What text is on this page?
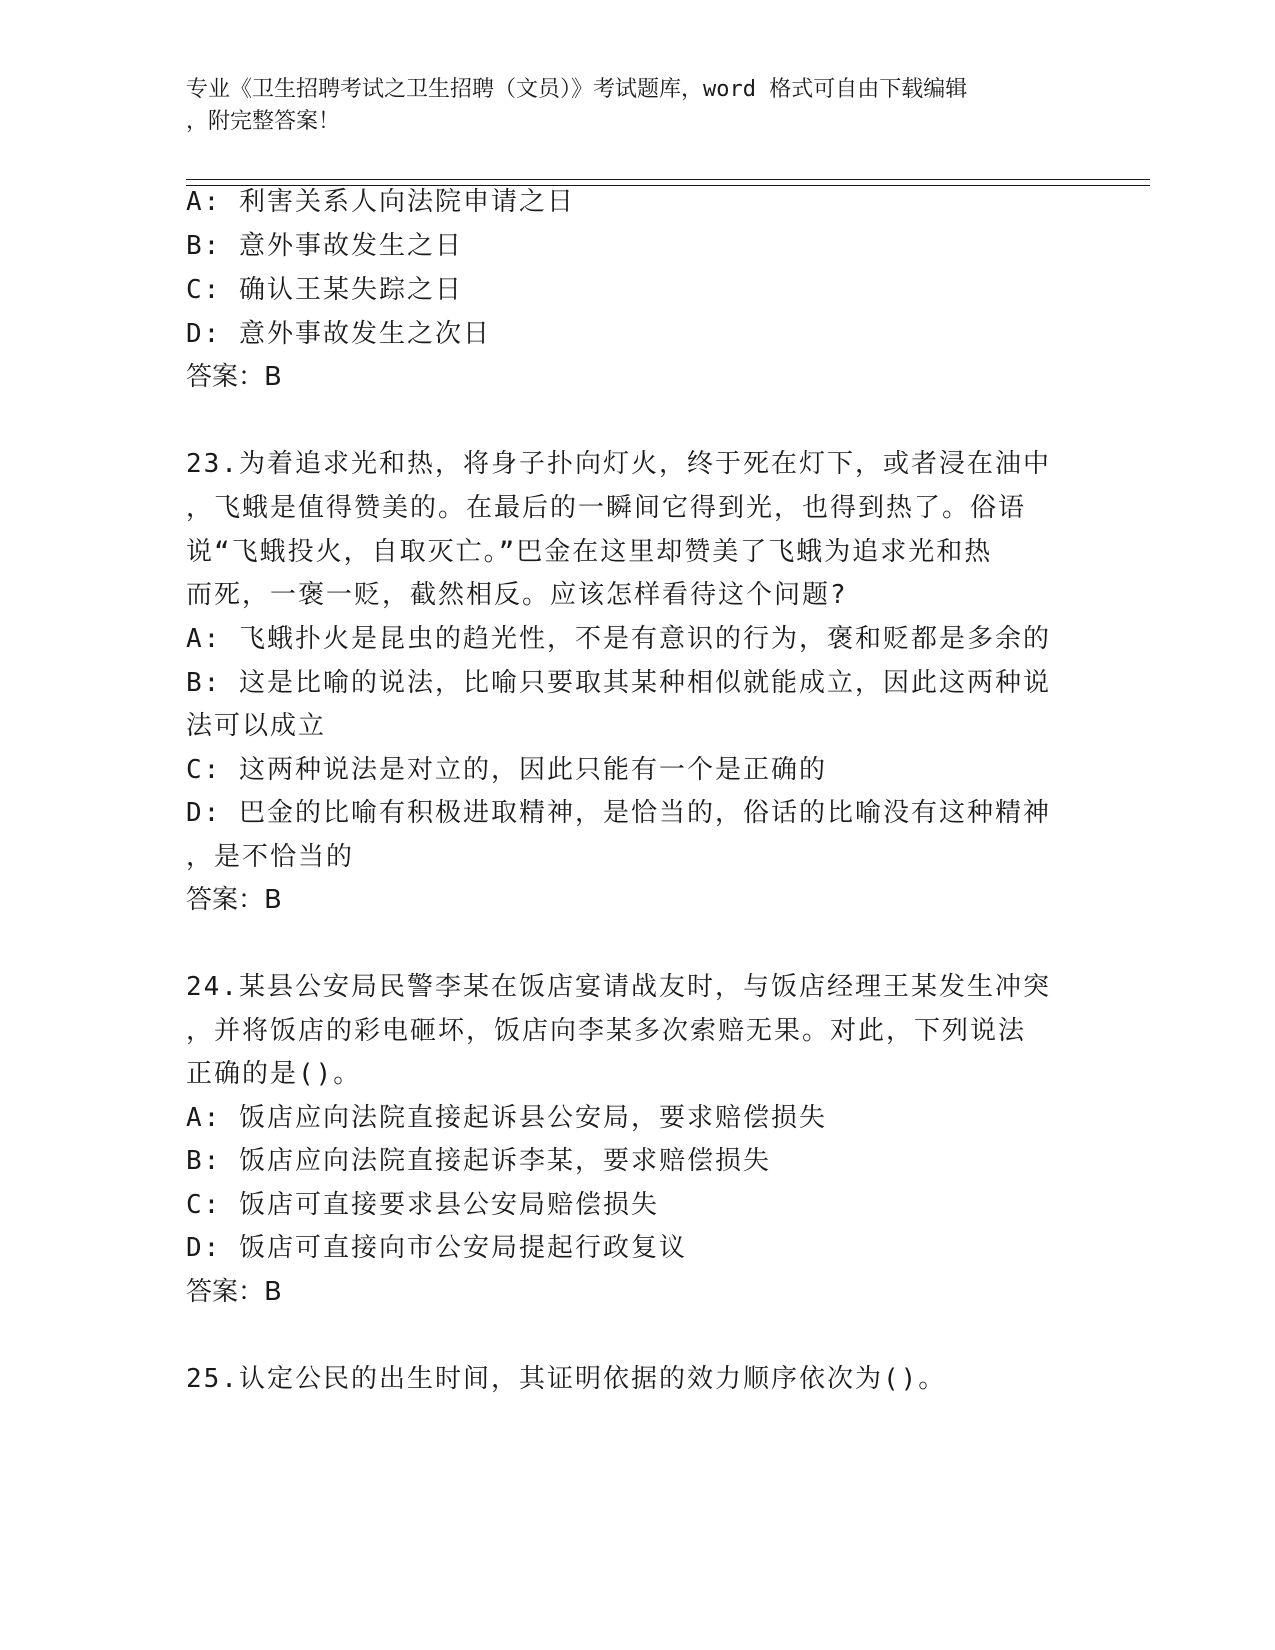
专业《卫生招聘考试之卫生招聘（文员）》考试题库，word 格式可自由下载编辑
，附完整答案！
A: 利害关系人向法院申请之日
B: 意外事故发生之日
C: 确认王某失踪之日
D: 意外事故发生之次日
答案：B
23.为着追求光和热，将身子扑向灯火，终于死在灯下，或者浸在油中
，飞蛾是值得赞美的。在最后的一瞬间它得到光，也得到热了。俗语
说“飞蛾投火，自取灭亡。”巴金在这里却赞美了飞蛾为追求光和热
而死，一褒一贬，截然相反。应该怎样看待这个问题?
A: 飞蛾扑火是昆虫的趋光性，不是有意识的行为，褒和贬都是多余的
B: 这是比喻的说法，比喻只要取其某种相似就能成立，因此这两种说
法可以成立
C: 这两种说法是对立的，因此只能有一个是正确的
D: 巴金的比喻有积极进取精神，是恰当的，俗话的比喻没有这种精神
，是不恰当的
答案：B
24.某县公安局民警李某在饭店宴请战友时，与饭店经理王某发生冲突
，并将饭店的彩电砸坏，饭店向李某多次索赔无果。对此，下列说法
正确的是()。
A: 饭店应向法院直接起诉县公安局，要求赔偿损失
B: 饭店应向法院直接起诉李某，要求赔偿损失
C: 饭店可直接要求县公安局赔偿损失
D: 饭店可直接向市公安局提起行政复议
答案：B
25.认定公民的出生时间，其证明依据的效力顺序依次为()。
